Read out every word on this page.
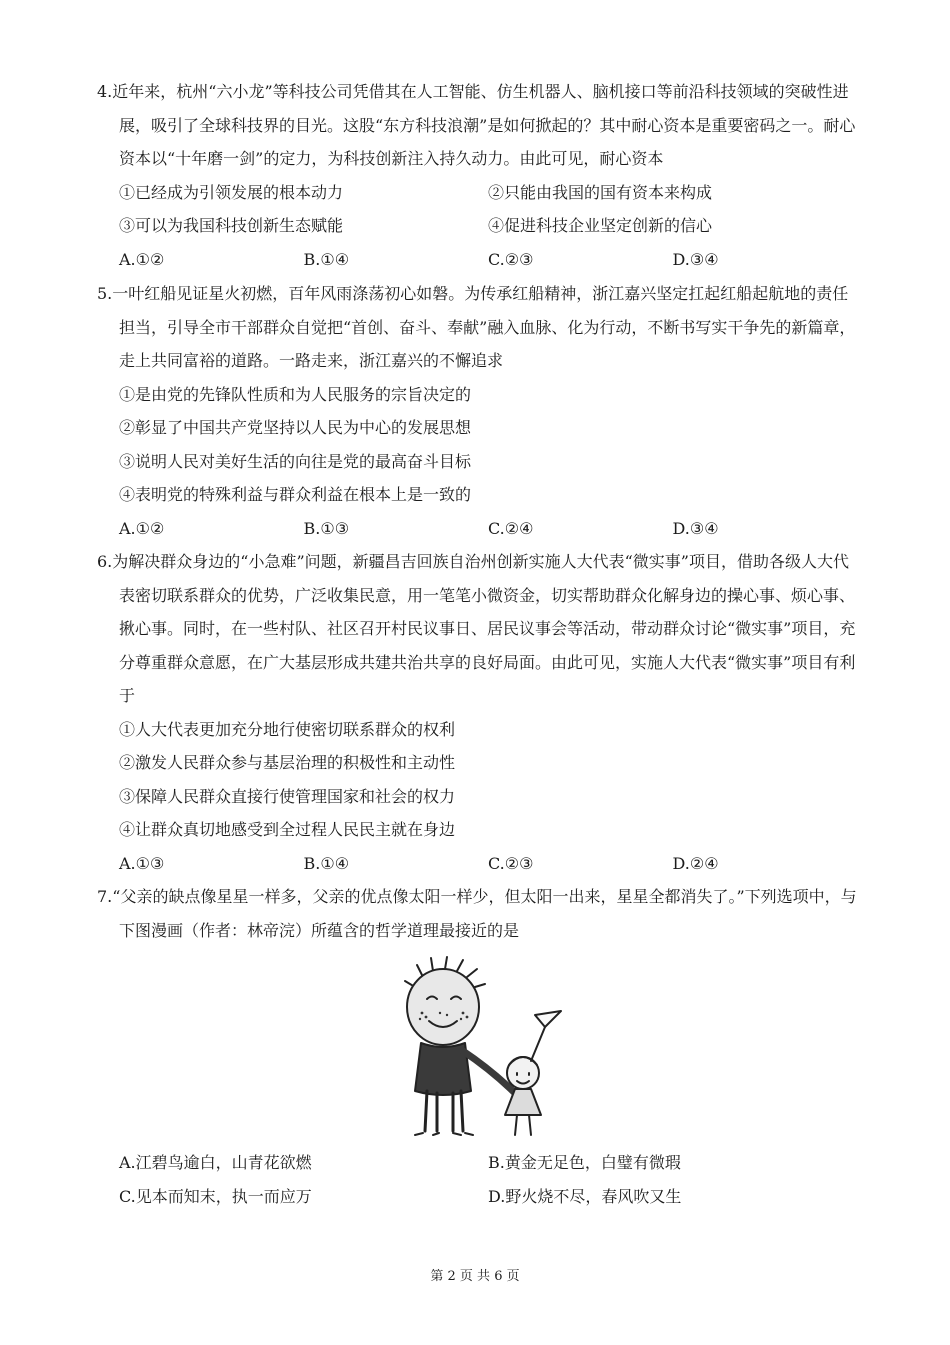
4.近年来，杭州“六小龙”等科技公司凭借其在人工智能、仿生机器人、脑机接口等前沿科技领域的突破性进展，吸引了全球科技界的目光。这股“东方科技浪潮”是如何掀起的？其中耐心资本是重要密码之一。耐心资本以“十年磨一剑”的定力，为科技创新注入持久动力。由此可见，耐心资本

①已经成为引领发展的根本动力	②只能由我国的国有资本来构成
③可以为我国科技创新生态赋能	④促进科技企业坚定创新的信心
A.①②	B.①④	C.②③	D.③④

5.一叶红船见证星火初燃，百年风雨涤荡初心如磐。为传承红船精神，浙江嘉兴坚定扛起红船起航地的责任担当，引导全市干部群众自觉把“首创、奋斗、奉献”融入血脉、化为行动，不断书写实干争先的新篇章，走上共同富裕的道路。一路走来，浙江嘉兴的不懈追求

①是由党的先锋队性质和为人民服务的宗旨决定的
②彰显了中国共产党坚持以人民为中心的发展思想
③说明人民对美好生活的向往是党的最高奋斗目标
④表明党的特殊利益与群众利益在根本上是一致的
A.①②	B.①③	C.②④	D.③④

6.为解决群众身边的“小急难”问题，新疆昌吉回族自治州创新实施人大代表“微实事”项目，借助各级人大代表密切联系群众的优势，广泛收集民意，用一笔笔小微资金，切实帮助群众化解身边的操心事、烦心事、揪心事。同时，在一些村队、社区召开村民议事日、居民议事会等活动，带动群众讨论“微实事”项目，充分尊重群众意愿，在广大基层形成共建共治共享的良好局面。由此可见，实施人大代表“微实事”项目有利于

①人大代表更加充分地行使密切联系群众的权利
②激发人民群众参与基层治理的积极性和主动性
③保障人民群众直接行使管理国家和社会的权力
④让群众真切地感受到全过程人民民主就在身边
A.①③	B.①④	C.②③	D.②④

7.“父亲的缺点像星星一样多，父亲的优点像太阳一样少，但太阳一出来，星星全都消失了。”下列选项中，与下图漫画（作者：林帝浣）所蕴含的哲学道理最接近的是

A.江碧鸟逾白，山青花欲燃	B.黄金无足色，白璧有微瑕
C.见本而知末，执一而应万	D.野火烧不尽，春风吹又生
第 2 页 共 6 页
